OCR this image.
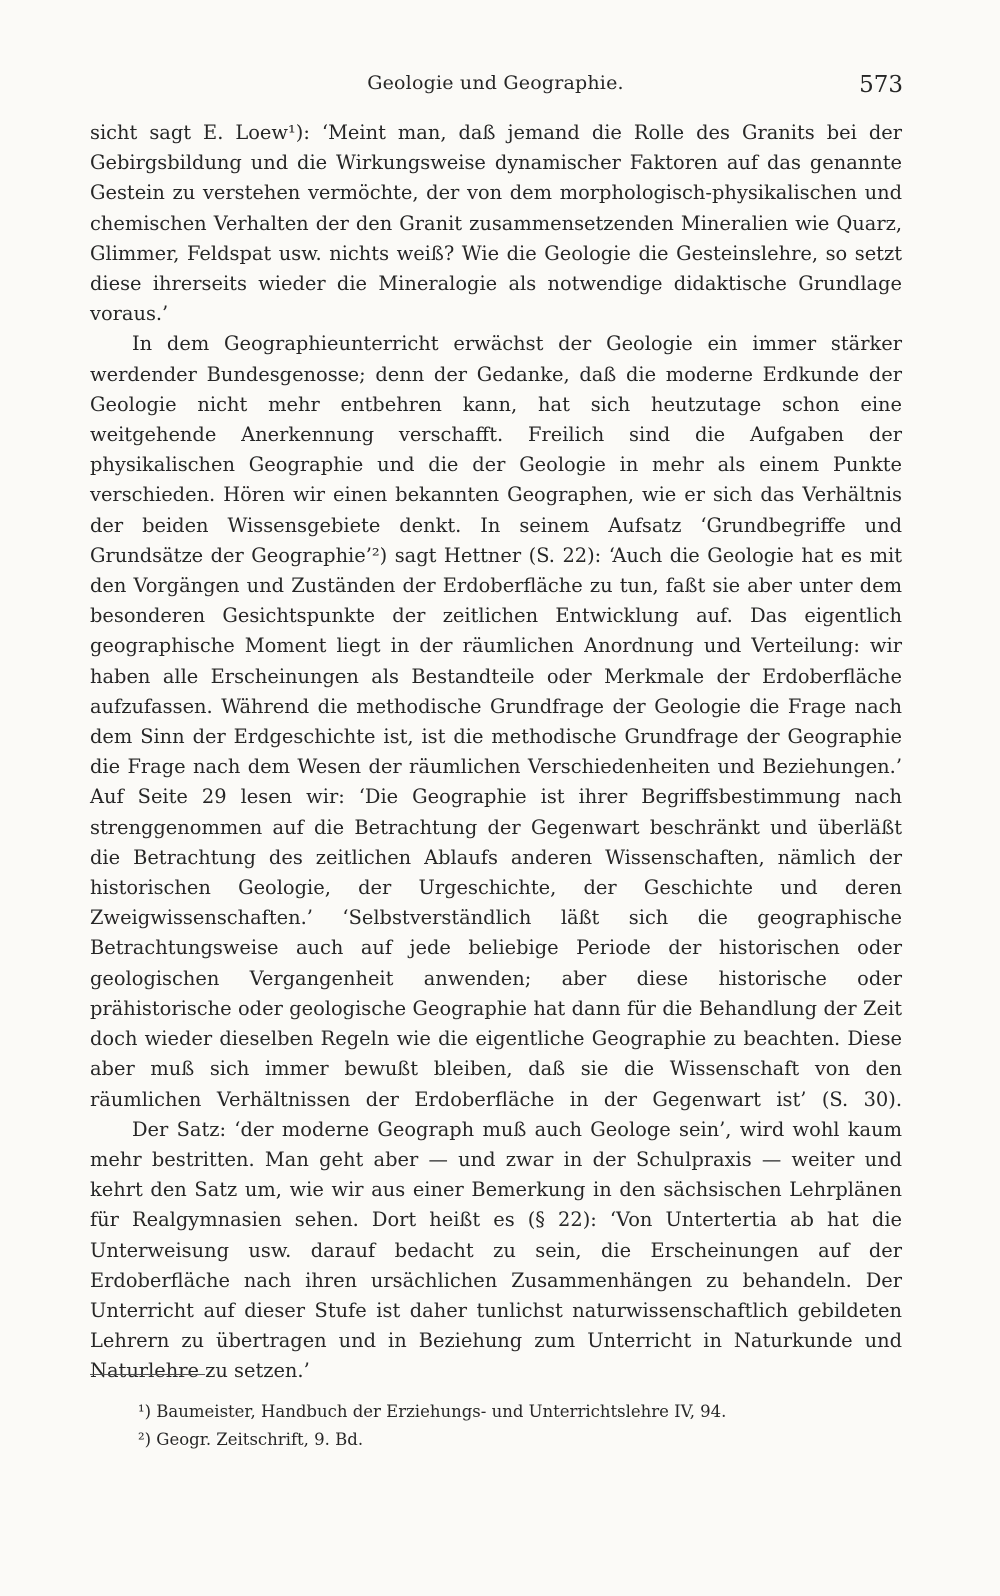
Geologie und Geographie.	573

sicht sagt E. Loew¹): ‘Meint man, daß jemand die Rolle des Granits bei der Gebirgsbildung und die Wirkungsweise dynamischer Faktoren auf das genannte Gestein zu verstehen vermöchte, der von dem morphologisch-physikalischen und chemischen Verhalten der den Granit zusammensetzenden Mineralien wie Quarz, Glimmer, Feldspat usw. nichts weiß? Wie die Geologie die Gesteinslehre, so setzt diese ihrerseits wieder die Mineralogie als notwendige didaktische Grundlage voraus.’

In dem Geographieunterricht erwächst der Geologie ein immer stärker werdender Bundesgenosse; denn der Gedanke, daß die moderne Erdkunde der Geologie nicht mehr entbehren kann, hat sich heutzutage schon eine weitgehende Anerkennung verschafft. Freilich sind die Aufgaben der physikalischen Geographie und die der Geologie in mehr als einem Punkte verschieden. Hören wir einen bekannten Geographen, wie er sich das Verhältnis der beiden Wissensgebiete denkt. In seinem Aufsatz ‘Grundbegriffe und Grundsätze der Geographie’²) sagt Hettner (S. 22): ‘Auch die Geologie hat es mit den Vorgängen und Zuständen der Erdoberfläche zu tun, faßt sie aber unter dem besonderen Gesichtspunkte der zeitlichen Entwicklung auf. Das eigentlich geographische Moment liegt in der räumlichen Anordnung und Verteilung: wir haben alle Erscheinungen als Bestandteile oder Merkmale der Erdoberfläche aufzufassen. Während die methodische Grundfrage der Geologie die Frage nach dem Sinn der Erdgeschichte ist, ist die methodische Grundfrage der Geographie die Frage nach dem Wesen der räumlichen Verschiedenheiten und Beziehungen.’ Auf Seite 29 lesen wir: ‘Die Geographie ist ihrer Begriffsbestimmung nach strenggenommen auf die Betrachtung der Gegenwart beschränkt und überläßt die Betrachtung des zeitlichen Ablaufs anderen Wissenschaften, nämlich der historischen Geologie, der Urgeschichte, der Geschichte und deren Zweigwissenschaften.’ ‘Selbstverständlich läßt sich die geographische Betrachtungsweise auch auf jede beliebige Periode der historischen oder geologischen Vergangenheit anwenden; aber diese historische oder prähistorische oder geologische Geographie hat dann für die Behandlung der Zeit doch wieder dieselben Regeln wie die eigentliche Geographie zu beachten. Diese aber muß sich immer bewußt bleiben, daß sie die Wissenschaft von den räumlichen Verhältnissen der Erdoberfläche in der Gegenwart ist’ (S. 30).

Der Satz: ‘der moderne Geograph muß auch Geologe sein’, wird wohl kaum mehr bestritten. Man geht aber — und zwar in der Schulpraxis — weiter und kehrt den Satz um, wie wir aus einer Bemerkung in den sächsischen Lehrplänen für Realgymnasien sehen. Dort heißt es (§ 22): ‘Von Untertertia ab hat die Unterweisung usw. darauf bedacht zu sein, die Erscheinungen auf der Erdoberfläche nach ihren ursächlichen Zusammenhängen zu behandeln. Der Unterricht auf dieser Stufe ist daher tunlichst naturwissenschaftlich gebildeten Lehrern zu übertragen und in Beziehung zum Unterricht in Naturkunde und Naturlehre zu setzen.’

¹) Baumeister, Handbuch der Erziehungs- und Unterrichtslehre IV, 94.
²) Geogr. Zeitschrift, 9. Bd.
